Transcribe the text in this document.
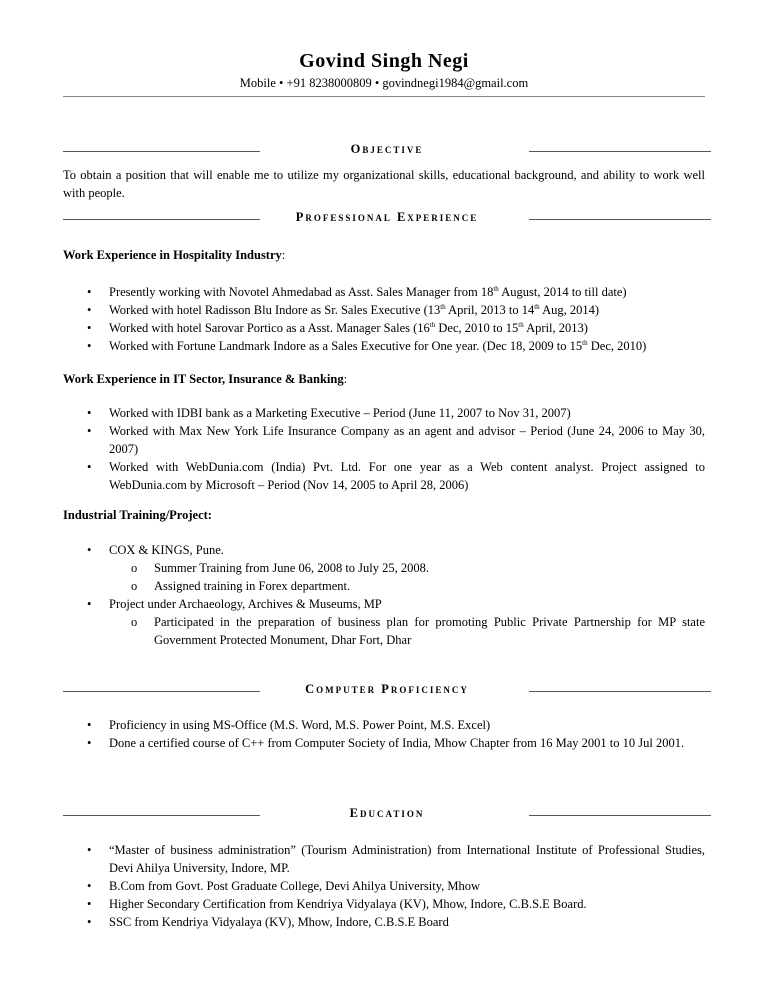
Govind Singh Negi
Mobile • +91 8238000809 • govindnegi1984@gmail.com
Objective
To obtain a position that will enable me to utilize my organizational skills, educational background, and ability to work well with people.
Professional Experience
Work Experience in Hospitality Industry:
• Presently working with Novotel Ahmedabad as Asst. Sales Manager from 18th August, 2014 to till date)
• Worked with hotel Radisson Blu Indore as Sr. Sales Executive (13th April, 2013 to 14th Aug, 2014)
• Worked with hotel Sarovar Portico as a Asst. Manager Sales (16th Dec, 2010 to 15th April, 2013)
• Worked with Fortune Landmark Indore as a Sales Executive for One year. (Dec 18, 2009 to 15th Dec, 2010)
Work Experience in IT Sector, Insurance & Banking:
• Worked with IDBI bank as a Marketing Executive – Period (June 11, 2007 to Nov 31, 2007)
• Worked with Max New York Life Insurance Company as an agent and advisor – Period (June 24, 2006 to May 30, 2007)
• Worked with WebDunia.com (India) Pvt. Ltd. For one year as a Web content analyst. Project assigned to WebDunia.com by Microsoft – Period (Nov 14, 2005 to April 28, 2006)
Industrial Training/Project:
• COX & KINGS, Pune.
o Summer Training from June 06, 2008 to July 25, 2008.
o Assigned training in Forex department.
• Project under Archaeology, Archives & Museums, MP
o Participated in the preparation of business plan for promoting Public Private Partnership for MP state Government Protected Monument, Dhar Fort, Dhar
Computer Proficiency
• Proficiency in using MS-Office (M.S. Word, M.S. Power Point, M.S. Excel)
• Done a certified course of C++ from Computer Society of India, Mhow Chapter from 16 May 2001 to 10 Jul 2001.
Education
• “Master of business administration” (Tourism Administration) from International Institute of Professional Studies, Devi Ahilya University, Indore, MP.
• B.Com from Govt. Post Graduate College, Devi Ahilya University, Mhow
• Higher Secondary Certification from Kendriya Vidyalaya (KV), Mhow, Indore, C.B.S.E Board.
• SSC from Kendriya Vidyalaya (KV), Mhow, Indore, C.B.S.E Board
